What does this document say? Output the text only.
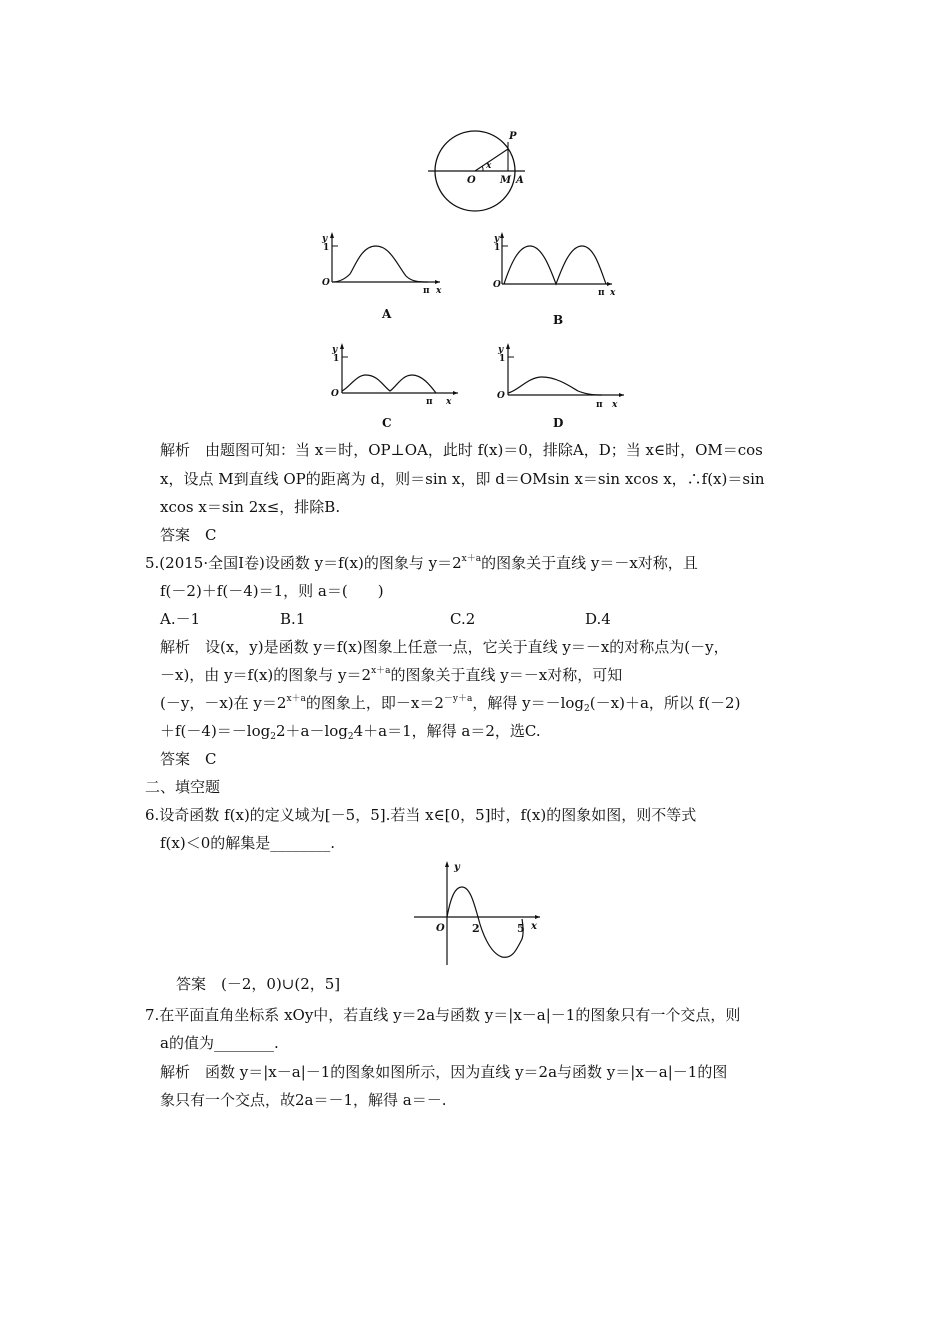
P
x
O M A
y
1
O
π x
A
y
1
O
π x
B
y
1
O
π x
C
y
1
O
π x
D
解析　由题图可知：当 x＝时，OP⊥OA，此时 f(x)＝0，排除A，D；当 x∈时，OM＝cos
x，设点 M到直线 OP的距离为 d，则＝sin x，即 d＝OMsin x＝sin xcos x，∴f(x)＝sin
xcos x＝sin 2x≤，排除B.
答案　C
5.(2015·全国Ⅰ卷)设函数 y＝f(x)的图象与 $y=2^{x+a}$的图象关于直线 y＝－x对称，且
f(－2)＋f(－4)＝1，则 a＝(　　)
A.－1	B.1	C.2	D.4
解析　设(x，y)是函数 y＝f(x)图象上任意一点，它关于直线 y＝－x的对称点为(－y，
－x)，由 y＝f(x)的图象与 $y=2^{x+a}$的图象关于直线 y＝－x对称，可知
(－y，－x)在 $y=2^{x+a}$的图象上，即$-x=2^{-y+a}$，解得 $y=-\log_2(-x)+a$，所以 f(－2)
$+f(-4)=-\log_22+a-\log_24+a=1$，解得 a＝2，选C.
答案　C
二、填空题
6.设奇函数 f(x)的定义域为[－5，5].若当 x∈[0，5]时，f(x)的图象如图，则不等式
f(x)＜0的解集是________.
y
O 2	5 x
答案　(－2，0)∪(2，5]
7.在平面直角坐标系 xOy中，若直线 y＝2a与函数 y＝|x－a|－1的图象只有一个交点，则
a的值为________.
解析　函数 y＝|x－a|－1的图象如图所示，因为直线 y＝2a与函数 y＝|x－a|－1的图
象只有一个交点，故2a＝－1，解得 a＝－.
